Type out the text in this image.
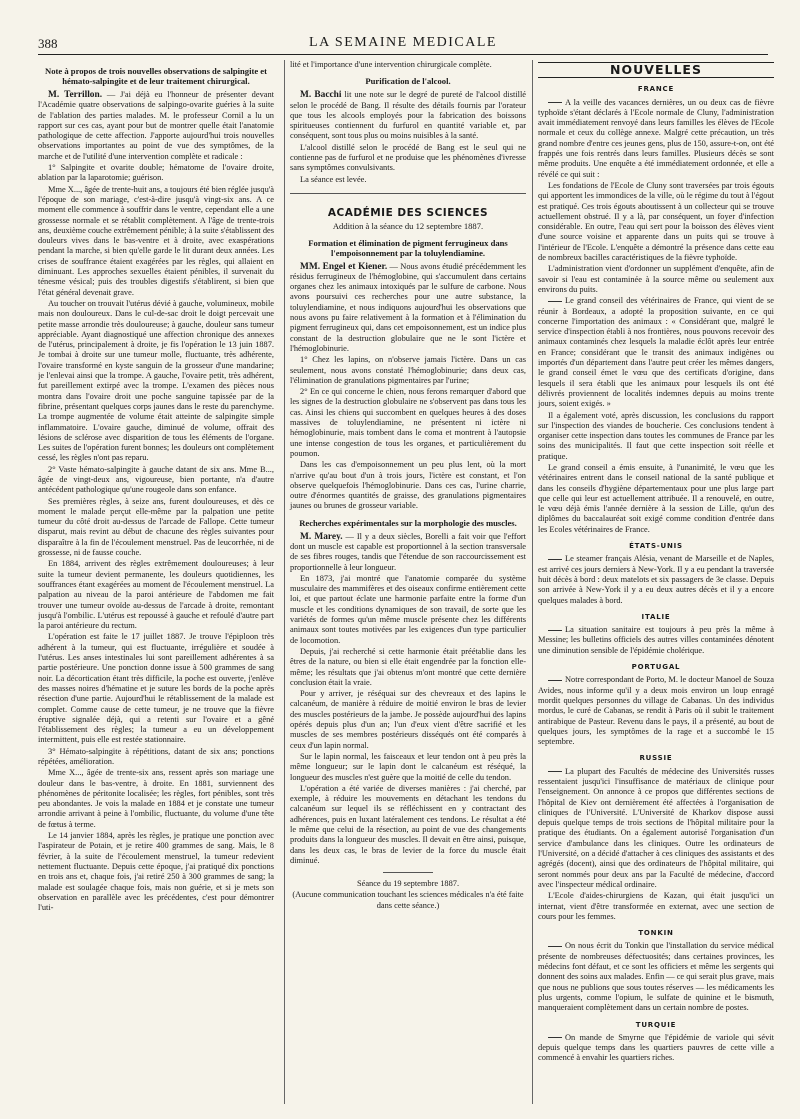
388	LA SEMAINE MEDICALE
Note à propos de trois nouvelles observations de salpingite et hémato-salpingite et de leur traitement chirurgical.

M. Terrillon. — J'ai déjà eu l'honneur de présenter devant l'Académie quatre observations de salpingo-ovarite guéries à la suite de l'ablation des parties malades. M. le professeur Cornil a lu un rapport sur ces cas, ayant pour but de montrer quelle était l'anatomie pathologique de cette affection. J'apporte aujourd'hui trois nouvelles observations importantes au point de vue des symptômes, de la marche et de l'utilité d'une intervention complète et radicale :

1° Salpingite et ovarite double; hématome de l'ovaire droite, ablation par la laparotomie; guérison.

Mme X..., âgée de trente-huit ans, a toujours été bien réglée jusqu'à l'époque de son mariage, c'est-à-dire jusqu'à vingt-six ans. A ce moment elle commence à souffrir dans le ventre, cependant elle a une grossesse normale et se rétablit complètement. A l'âge de trente-trois ans, deuxième couche extrêmement pénible; à la suite s'établissent des douleurs vives dans le bas-ventre et à droite, avec exaspérations pendant la marche, si bien qu'elle garde le lit durant deux années. Les crises de souffrance étaient exagérées par les règles, qui allaient en diminuant. Les approches sexuelles étaient pénibles, il survenait du ténesme vésical; puis des troubles digestifs s'établirent, si bien que l'état général devenait grave.

Au toucher on trouvait l'utérus dévié à gauche, volumineux, mobile mais non douloureux. Dans le cul-de-sac droit le doigt percevait une petite masse arrondie très douloureuse; à gauche, douleur sans tumeur appréciable. Ayant diagnostiqué une affection chronique des annexes de l'utérus, principalement à droite, je fis l'opération le 13 juin 1887. Je tombai à droite sur une tumeur molle, fluctuante, très adhérente, l'ovaire transformé en kyste sanguin de la grosseur d'une mandarine; je l'enlevai ainsi que la trompe. A gauche, l'ovaire petit, très adhérent, fut pareillement extirpé avec la trompe. L'examen des pièces nous montra dans l'ovaire droit une poche sanguine tapissée par de la fibrine, présentant quelques corps jaunes dans le reste du parenchyme. La trompe augmentée de volume était atteinte de salpingite simple inflammatoire. L'ovaire gauche, diminué de volume, offrait des lésions de sclérose avec disparition de tous les éléments de l'organe. Les suites de l'opération furent bonnes; les douleurs ont complètement cessé, les règles n'ont pas reparu.

2° Vaste hémato-salpingite à gauche datant de six ans. Mme B..., âgée de vingt-deux ans, vigoureuse, bien portante, n'a d'autre antécédent pathologique qu'une rougeole dans son enfance.

Ses premières règles, à seize ans, furent douloureuses, et dès ce moment le malade perçut elle-même par la palpation une petite tumeur du côté droit au-dessus de l'arcade de Fallope. Cette tumeur disparut, mais revint au début de chacune des règles suivantes pour disparaître à la fin de l'écoulement menstruel. Pas de leucorrhée, ni de grossesse, ni de fausse couche.

En 1884, arrivent des règles extrêmement douloureuses; à leur suite la tumeur devient permanente, les douleurs quotidiennes, les souffrances étant exagérées au moment de l'écoulement menstruel. La palpation au niveau de la paroi antérieure de l'abdomen me fait trouver une tumeur ovoïde au-dessus de l'arcade à droite, remontant jusqu'à l'ombilic. L'utérus est repoussé à gauche et refoulé d'autre part la paroi antérieure du rectum.

L'opération est faite le 17 juillet 1887. Je trouve l'épiploon très adhérent à la tumeur, qui est fluctuante, irrégulière et soudée à l'utérus. Les anses intestinales lui sont pareillement adhérentes à sa partie postérieure. Une ponction donne issue à 500 grammes de sang noir. La décortication étant très difficile, la poche est ouverte, j'enlève des masses noires d'hématine et je suture les bords de la poche après résection d'une partie. Aujourd'hui le rétablissement de la malade est complet. Comme cause de cette tumeur, je ne trouve que la fièvre éruptive signalée déjà, qui a retenti sur l'ovaire et a gêné l'établissement des règles; la tumeur a eu un développement intermittent, puis elle est restée stationnaire.

3° Hémato-salpingite à répétitions, datant de six ans; ponctions répétées, amélioration.

Mme X..., âgée de trente-six ans, ressent après son mariage une douleur dans le bas-ventre, à droite. En 1881, surviennent des phénomènes de péritonite localisée; les règles, fort pénibles, sont très peu abondantes. Je vois la malade en 1884 et je constate une tumeur arrondie arrivant à peine à l'ombilic, fluctuante, du volume d'une tête de fœtus à terme.

Le 14 janvier 1884, après les règles, je pratique une ponction avec l'aspirateur de Potain, et je retire 400 grammes de sang. Mais, le 8 février, à la suite de l'écoulement menstruel, la tumeur redevient nettement fluctuante. Depuis cette époque, j'ai pratiqué dix ponctions en trois ans et, chaque fois, j'ai retiré 250 à 300 grammes de sang; la malade est soulagée chaque fois, mais non guérie, et si je mets son observation en parallèle avec les précédentes, c'est pour démontrer l'uti-

lité et l'importance d'une intervention chirurgicale complète.

Purification de l'alcool.

M. Bacchi lit une note sur le degré de pureté de l'alcool distillé selon le procédé de Bang. Il résulte des détails fournis par l'orateur que tous les alcools employés pour la fabrication des boissons spiritueuses contiennent du furfurol en quantité variable et, par conséquent, sont tous plus ou moins nuisibles à la santé.

L'alcool distillé selon le procédé de Bang est le seul qui ne contienne pas de furfurol et ne produise que les phénomènes d'ivresse sans symptômes convulsivants.

La séance est levée.

ACADÉMIE DES SCIENCES
Addition à la séance du 12 septembre 1887.
Formation et élimination de pigment ferrugineux dans l'empoisonnement par la toluylendiamine.

MM. Engel et Kiener. — Nous avons étudié précédemment les résidus ferrugineux de l'hémoglobine, qui s'accumulent dans certains organes chez les animaux intoxiqués par le sulfure de carbone. Nous avons poursuivi ces recherches pour une autre substance, la toluylendiamine, et nous indiquons aujourd'hui les observations que nous avons pu faire relativement à la formation et à l'élimination du pigment ferrugineux qui, dans cet empoisonnement, est un indice plus constant de la destruction globulaire que ne le sont l'ictère et l'hémoglobinurie.

1° Chez les lapins, on n'observe jamais l'ictère. Dans un cas seulement, nous avons constaté l'hémoglobinurie; dans deux cas, l'élimination de granulations pigmentaires par l'urine;

2° En ce qui concerne le chien, nous ferons remarquer d'abord que les signes de la destruction globulaire ne s'observent pas dans tous les cas. Ainsi les chiens qui succombent en quelques heures à des doses massives de toluylendiamine, ne présentent ni ictère ni hémoglobinurie, mais tombent dans le coma et montrent à l'autopsie une intense congestion de tous les organes, et particulièrement du poumon.

Dans les cas d'empoisonnement un peu plus lent, où la mort n'arrive qu'au bout d'un à trois jours, l'ictère est constant, et l'on observe quelquefois l'hémoglobinurie. Dans ces cas, l'urine charrie, outre d'énormes quantités de graisse, des granulations pigmentaires jaunes ou brunes de grosseur variable.

Recherches expérimentales sur la morphologie des muscles.

M. Marey. — Il y a deux siècles, Borelli a fait voir que l'effort dont un muscle est capable est proportionnel à la section transversale de ses fibres rouges, tandis que l'étendue de son raccourcissement est proportionnelle à leur longueur.

En 1873, j'ai montré que l'anatomie comparée du système musculaire des mammifères et des oiseaux confirme entièrement cette loi, et que partout éclate une harmonie parfaite entre la forme d'un muscle et les conditions dynamiques de son travail, de sorte que les variétés de formes qu'un même muscle présente chez les différents animaux sont toutes motivées par les exigences d'un type particulier de locomotion.

Depuis, j'ai recherché si cette harmonie était préétablie dans les êtres de la nature, ou bien si elle était engendrée par la fonction elle-même; les résultats que j'ai obtenus m'ont montré que cette dernière conclusion était la vraie.

Pour y arriver, je réséquai sur des chevreaux et des lapins le calcanéum, de manière à réduire de moitié environ le bras de levier des muscles postérieurs de la jambe. Je possède aujourd'hui des lapins opérés depuis plus d'un an; l'un d'eux vient d'être sacrifié et les muscles de ses membres postérieurs disséqués ont été comparés à ceux d'un lapin normal.

Sur le lapin normal, les faisceaux et leur tendon ont à peu près la même longueur; sur le lapin dont le calcanéum est réséqué, la longueur des muscles n'est guère que la moitié de celle du tendon.

L'opération a été variée de diverses manières : j'ai cherché, par exemple, à réduire les mouvements en détachant les tendons du calcanéum sur lequel ils se réfléchissent en y contractant des adhérences, puis en luxant latéralement ces tendons. Le résultat a été le même que celui de la résection, au point de vue des changements produits dans la longueur des muscles. Il devait en être ainsi, puisque, dans les deux cas, le bras de levier de la force du muscle était diminué.

Séance du 19 septembre 1887.

(Aucune communication touchant les sciences médicales n'a été faite dans cette séance.)

NOUVELLES
FRANCE

A la veille des vacances dernières, un ou deux cas de fièvre typhoïde s'étant déclarés à l'Ecole normale de Cluny, l'administration avait immédiatement renvoyé dans leurs familles les élèves de l'Ecole normale et ceux du collège annexe. Malgré cette précaution, un très grand nombre d'entre ces jeunes gens, plus de 150, assure-t-on, ont été frappés une fois rentrés dans leurs familles. Plusieurs décès se sont même produits. Une enquête a été immédiatement ordonnée, et elle a révélé ce qui suit :

Les fondations de l'Ecole de Cluny sont traversées par trois égouts qui apportent les immondices de la ville, où le régime du tout à l'égout est pratiqué. Ces trois égouts aboutissent à un collecteur qui se trouve actuellement obstrué. Il y a là, par conséquent, un foyer d'infection considérable. En outre, l'eau qui sert pour la boisson des élèves vient d'une source voisine et apparente dans un puits qui se trouve à l'intérieur de l'Ecole. L'enquête a démontré la présence dans cette eau de nombreux bacilles caractéristiques de la fièvre typhoïde.

L'administration vient d'ordonner un supplément d'enquête, afin de savoir si l'eau est contaminée à la source même ou seulement aux environs du puits.

Le grand conseil des vétérinaires de France, qui vient de se réunir à Bordeaux, a adopté la proposition suivante, en ce qui concerne l'importation des animaux : « Considérant que, malgré le service d'inspection établi à nos frontières, nous pouvons recevoir des animaux contaminés chez lesquels la maladie éclôt après leur entrée en France; considérant que le transit des animaux indigènes ou importés d'un département dans l'autre peut créer les mêmes dangers, le grand conseil émet le vœu que des certificats d'origine, dans lesquels il sera établi que les animaux pour lesquels ils ont été délivrés proviennent de localités indemnes depuis au moins trente jours, soient exigés. »

Il a également voté, après discussion, les conclusions du rapport sur l'inspection des viandes de boucherie. Ces conclusions tendent à organiser cette inspection dans toutes les communes de France par les soins des municipalités. Il faut que cette inspection soit réelle et pratique.

Le grand conseil a émis ensuite, à l'unanimité, le vœu que les vétérinaires entrent dans le conseil national de la santé publique et dans les conseils d'hygiène départementaux pour une plus large part que celle qui leur est actuellement attribuée. Il a renouvelé, en outre, le vœu déjà émis l'année dernière à la session de Lille, qu'un des diplômes du baccalauréat soit exigé comme condition d'entrée dans les Ecoles vétérinaires de France.

ÉTATS-UNIS

Le steamer français Alésia, venant de Marseille et de Naples, est arrivé ces jours derniers à New-York. Il y a eu pendant la traversée huit décès à bord : deux matelots et six passagers de 3e classe. Depuis son arrivée à New-York il y a eu deux autres décès et il y a encore quelques malades à bord.

ITALIE

La situation sanitaire est toujours à peu près la même à Messine; les bulletins officiels des autres villes contaminées dénotent une diminution sensible de l'épidémie cholérique.

PORTUGAL

Notre correspondant de Porto, M. le docteur Manoel de Souza Avides, nous informe qu'il y a deux mois environ un loup enragé mordit quelques personnes du village de Cabanas. Un des individus mordus, le curé de Cabanas, se rendit à Paris où il subit le traitement antirabique de Pasteur. Revenu dans le pays, il a présenté, au bout de quelques jours, les symptômes de la rage et a succombé le 15 septembre.

RUSSIE

La plupart des Facultés de médecine des Universités russes ressentaient jusqu'ici l'insuffisance de matériaux de clinique pour l'enseignement. On annonce à ce propos que différentes sections de l'hôpital de Kiev ont dernièrement été affectées à l'organisation de cliniques de l'Université. L'Université de Kharkov dispose aussi depuis quelque temps de trois sections de l'hôpital militaire pour la pratique des étudiants. On a également autorisé l'organisation d'un service d'ambulance dans les cliniques. Outre les ordinateurs de l'Université, on a décidé d'attacher à ces cliniques des assistants et des agrégés (docent), ainsi que des ordinateurs de l'hôpital militaire, qui seront nommés pour deux ans par la Faculté de médecine, d'accord avec l'inspecteur médical ordinaire.

L'Ecole d'aides-chirurgiens de Kazan, qui était jusqu'ici un internat, vient d'être transformée en externat, avec une section de cours pour les femmes.

TONKIN

On nous écrit du Tonkin que l'installation du service médical présente de nombreuses défectuosités; dans certaines provinces, les médecins font défaut, et ce sont les officiers et même les sergents qui donnent des soins aux malades. Enfin — ce qui serait plus grave, mais que nous ne publions que sous toutes réserves — les médicaments les plus urgents, comme l'opium, le sulfate de quinine et le bismuth, manqueraient complètement dans un certain nombre de postes.

TURQUIE

On mande de Smyrne que l'épidémie de variole qui sévit depuis quelque temps dans les quartiers pauvres de cette ville a commencé à envahir les quartiers riches.
